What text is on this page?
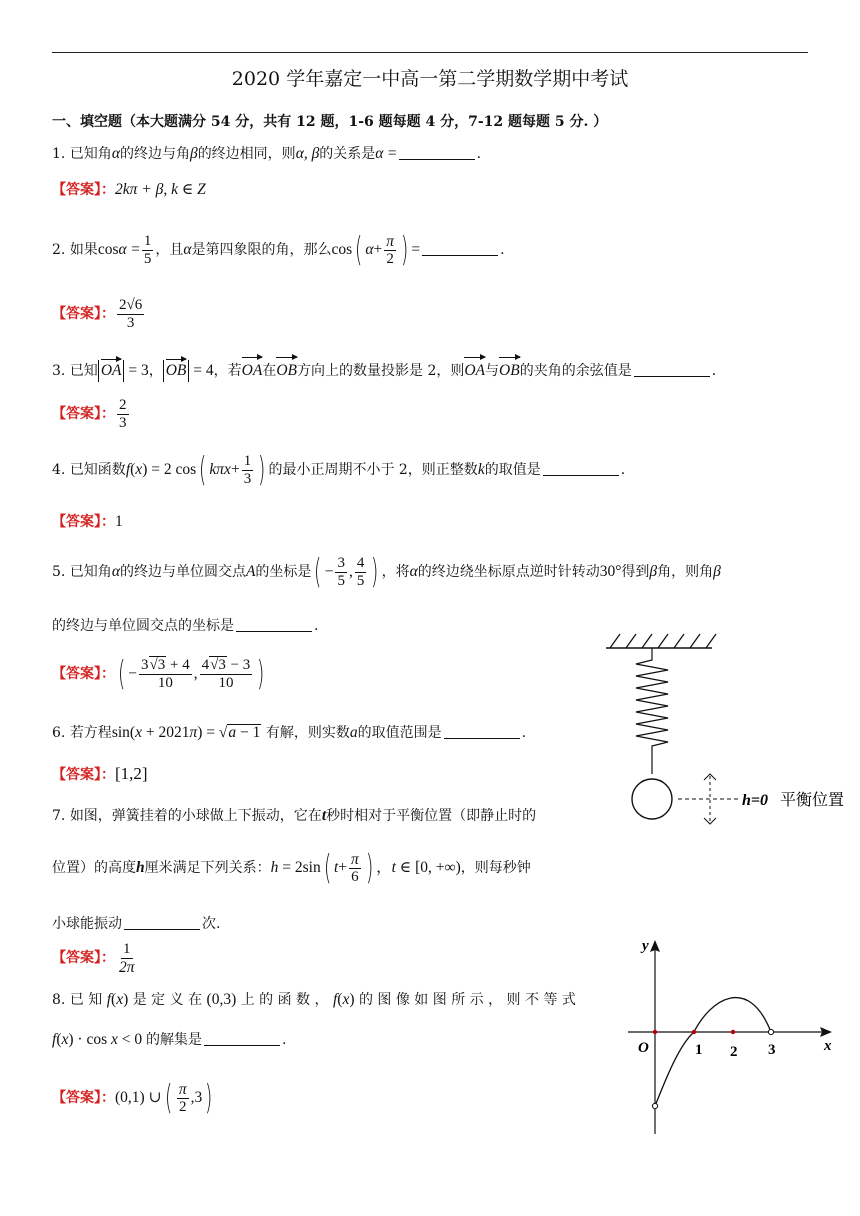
2020 学年嘉定一中高一第二学期数学期中考试
一、填空题（本大题满分 54 分，共有 12 题，1-6 题每题 4 分，7-12 题每题 5 分. ）
1. 已知角α的终边与角β的终边相同，则α, β的关系是α =	.
【答案】：2kπ + β, k ∈ Z
2. 如果$\cos\alpha = \frac{1}{5}$ ，且α是第四象限的角，那么cos( $\alpha+ \frac{\pi}{2}$ ) =	.
【答案】： $\frac{2√6}{3}$
3. 已知 OA = 3， OB = 4，若OA在OB方向上的数量投影是 2，则OA与OB的夹角的余弦值是	.
【答案】： $\frac{2}{3}$
4. 已知函数f(x) = 2 cos( $k\pi x+ \frac{1}{3}$ ) 的最小正周期不小于 2，则正整数k的取值是	.
【答案】：1
5. 已知角α的终边与单位圆交点A的坐标是( − $\frac{3}{5}$ , $\frac{4}{5}$ ) ，将α的终边绕坐标原点逆时针转动30°得到β角，则角β
的终边与单位圆交点的坐标是	.
【答案】：( − $\frac{3√3 + 4}{10}$ , $\frac{4√3 - 3}{10}$ )
6. 若方程sin(x + 2021π) = √a − 1 有解，则实数a的取值范围是	.
【答案】：[1,2]
7. 如图，弹簧挂着的小球做上下振动，它在t秒时相对于平衡位置（即静止时的
位置）的高度h厘米满足下列关系：h = 2sin( $t+ \frac{\pi}{6}$ ) ，t ∈ [0, +∞)，则每秒钟
小球能振动	次.
【答案】： $\frac{1}{2\pi}$
8. 已 知 f(x) 是 定 义 在 (0,3) 上 的 函 数 ， f(x) 的 图 像 如 图 所 示 ， 则 不 等 式
f(x) · cos x < 0 的解集是	.
【答案】：(0,1) ∪( $\frac{\pi}{2} ,3$)
h=0 平衡位置
y
x
O	1 2 3
